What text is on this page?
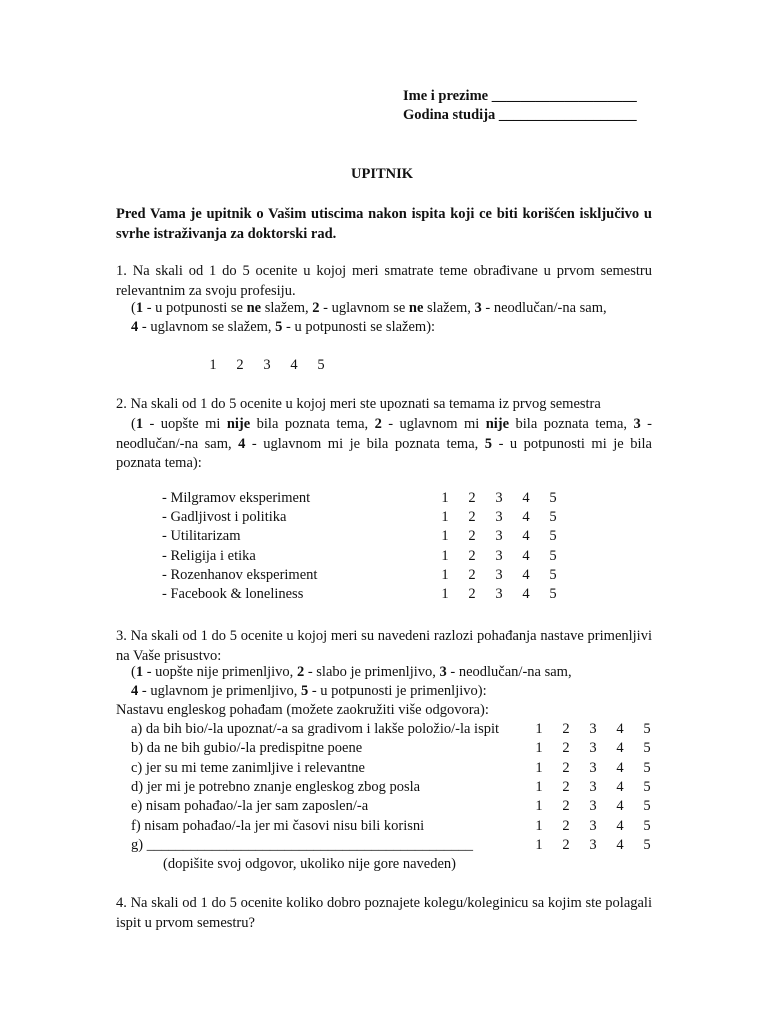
Ime i prezime ____________________
Godina studija ___________________
UPITNIK
Pred Vama je upitnik o Vašim utiscima nakon ispita koji ce biti korišćen isključivo u svrhe istraživanja za doktorski rad.
1. Na skali od 1 do 5 ocenite u kojoj meri smatrate teme obrađivane u prvom semestru relevantnim za svoju profesiju.
(1 - u potpunosti se ne slažem, 2 - uglavnom se ne slažem, 3 - neodlučan/-na sam,
4 - uglavnom se slažem, 5 - u potpunosti se slažem):
1 2 3 4 5
2. Na skali od 1 do 5 ocenite u kojoj meri ste upoznati sa temama iz prvog semestra
(1 - uopšte mi nije bila poznata tema, 2 - uglavnom mi nije bila poznata tema, 3 - neodlučan/-na sam, 4 - uglavnom mi je bila poznata tema, 5 - u potpunosti mi je bila poznata tema):
- Milgramov eksperiment	1 2 3 4 5
- Gadljivost i politika	1 2 3 4 5
- Utilitarizam	1 2 3 4 5
- Religija i etika	1 2 3 4 5
- Rozenhanov eksperiment	1 2 3 4 5
- Facebook & loneliness	1 2 3 4 5
3. Na skali od 1 do 5 ocenite u kojoj meri su navedeni razlozi pohađanja nastave primenljivi na Vaše prisustvo:
(1 - uopšte nije primenljivo, 2 - slabo je primenljivo, 3 - neodlučan/-na sam,
4 - uglavnom je primenljivo, 5 - u potpunosti je primenljivo):
Nastavu engleskog pohađam (možete zaokružiti više odgovora):
a) da bih bio/-la upoznat/-a sa gradivom i lakše položio/-la ispit	1 2 3 4 5
b) da ne bih gubio/-la predispitne poene	1 2 3 4 5
c) jer su mi teme zanimljive i relevantne	1 2 3 4 5
d) jer mi je potrebno znanje engleskog zbog posla	1 2 3 4 5
e) nisam pohađao/-la jer sam zaposlen/-a	1 2 3 4 5
f) nisam pohađao/-la jer mi časovi nisu bili korisni	1 2 3 4 5
g) _____________________________________________	1 2 3 4 5
(dopišite svoj odgovor, ukoliko nije gore naveden)
4. Na skali od 1 do 5 ocenite koliko dobro poznajete kolegu/koleginicu sa kojim ste polagali ispit u prvom semestru?
